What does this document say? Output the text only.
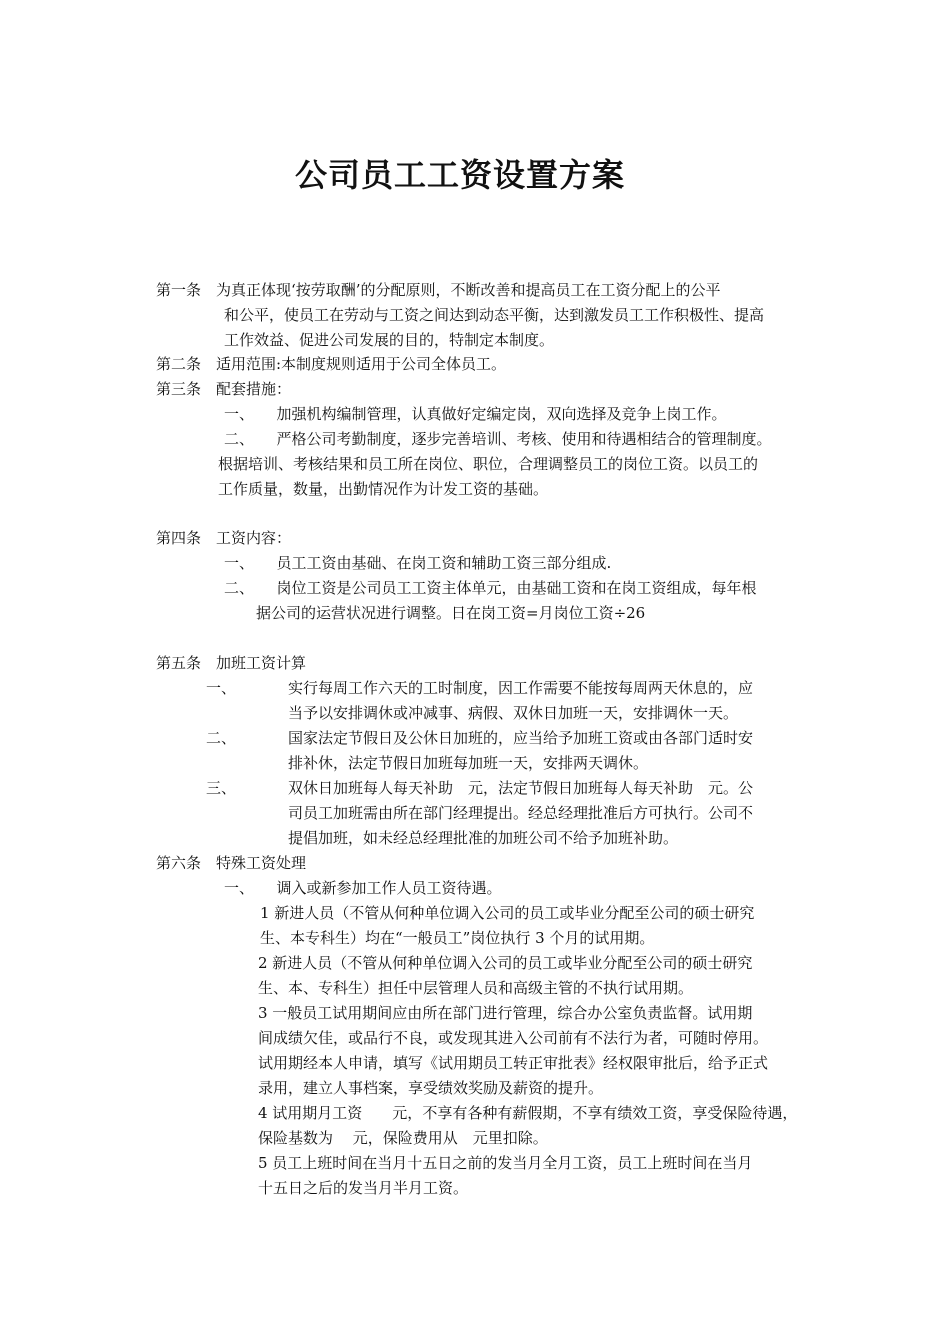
公司员工工资设置方案
第一条　为真正体现‘按劳取酬’的分配原则，不断改善和提高员工在工资分配上的公平
和公平，使员工在劳动与工资之间达到动态平衡，达到激发员工工作积极性、提高
工作效益、促进公司发展的目的，特制定本制度。
第二条　适用范围:本制度规则适用于公司全体员工。
第三条　配套措施：
一、　　加强机构编制管理，认真做好定编定岗，双向选择及竞争上岗工作。
二、　　严格公司考勤制度，逐步完善培训、考核、使用和待遇相结合的管理制度。
根据培训、考核结果和员工所在岗位、职位，合理调整员工的岗位工资。以员工的
工作质量，数量，出勤情况作为计发工资的基础。
第四条　工资内容：
一、　　员工工资由基础、在岗工资和辅助工资三部分组成.
二、　　岗位工资是公司员工工资主体单元，由基础工资和在岗工资组成，每年根
据公司的运营状况进行调整。日在岗工资=月岗位工资÷26
第五条　加班工资计算
一、	实行每周工作六天的工时制度，因工作需要不能按每周两天休息的，应
当予以安排调休或冲减事、病假、双休日加班一天，安排调休一天。
二、	国家法定节假日及公休日加班的，应当给予加班工资或由各部门适时安
排补休，法定节假日加班每加班一天，安排两天调休。
三、	双休日加班每人每天补助　元，法定节假日加班每人每天补助　元。公
司员工加班需由所在部门经理提出。经总经理批准后方可执行。公司不
提倡加班，如未经总经理批准的加班公司不给予加班补助。
第六条　特殊工资处理
一、　　调入或新参加工作人员工资待遇。
1 新进人员（不管从何种单位调入公司的员工或毕业分配至公司的硕士研究
生、本专科生）均在“一般员工”岗位执行 3 个月的试用期。
2 新进人员（不管从何种单位调入公司的员工或毕业分配至公司的硕士研究
生、本、专科生）担任中层管理人员和高级主管的不执行试用期。
3 一般员工试用期间应由所在部门进行管理，综合办公室负责监督。试用期
间成绩欠佳，或品行不良，或发现其进入公司前有不法行为者，可随时停用。
试用期经本人申请，填写《试用期员工转正审批表》经权限审批后，给予正式
录用，建立人事档案，享受绩效奖励及薪资的提升。
4 试用期月工资　　元，不享有各种有薪假期，不享有绩效工资，享受保险待遇，
保险基数为　 元，保险费用从　元里扣除。
5 员工上班时间在当月十五日之前的发当月全月工资，员工上班时间在当月
十五日之后的发当月半月工资。
